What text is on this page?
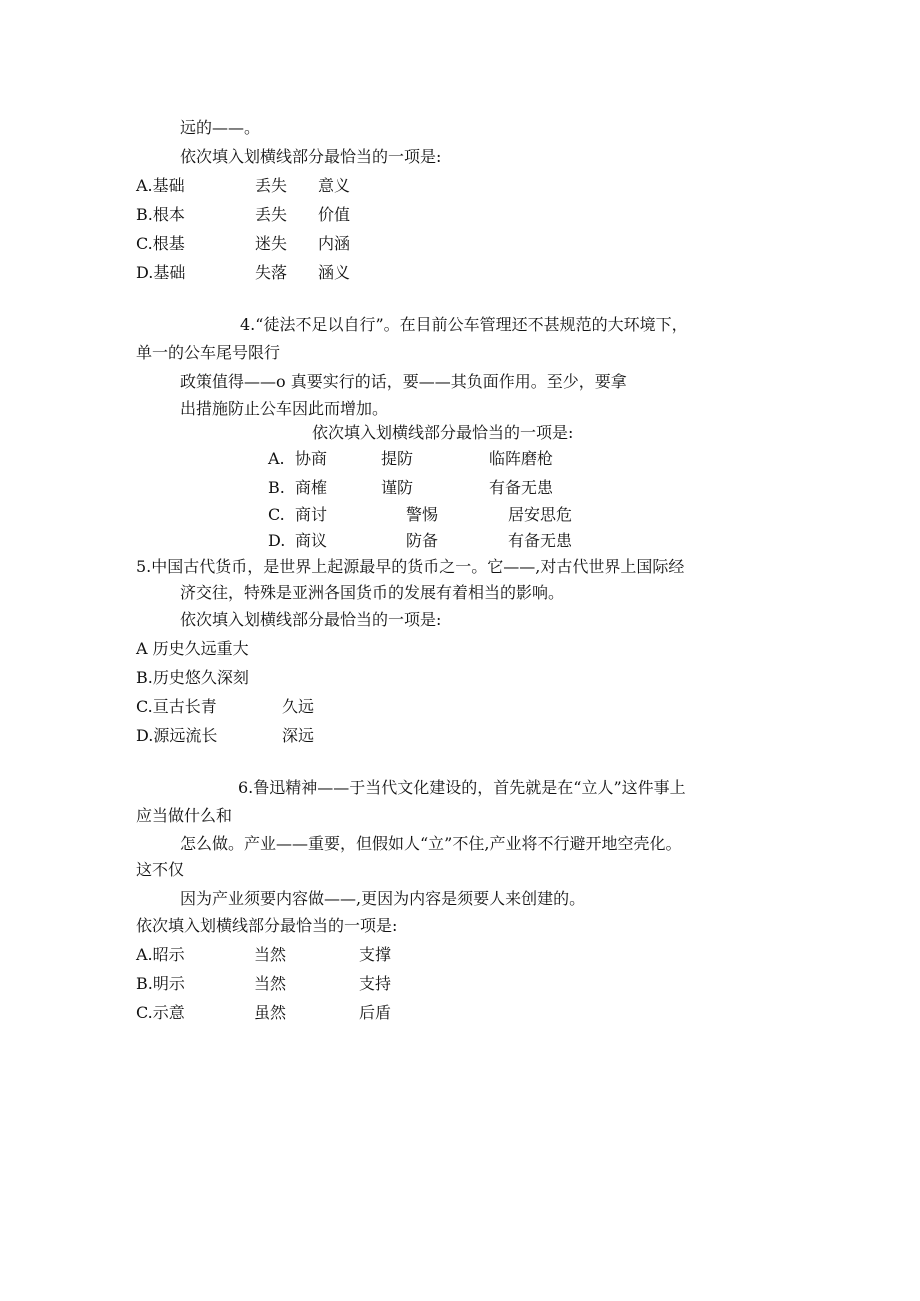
远的——。
依次填入划横线部分最恰当的一项是:
A.基础	丢失 意义
B.根本	丢失 价值
C.根基	迷失 内涵
D.基础	失落 涵义
4.“徒法不足以自行”。在目前公车管理还不甚规范的大环境下，
单一的公车尾号限行
政策值得——o 真要实行的话，要——其负面作用。至少，要拿
出措施防止公车因此而增加。
依次填入划横线部分最恰当的一项是:
A. 协商	提防	临阵磨枪
B. 商榷	谨防	有备无患
C. 商讨	警惕	居安思危
D. 商议	防备	有备无患
5.中国古代货币，是世界上起源最早的货币之一。它——,对古代世界上国际经
济交往，特殊是亚洲各国货币的发展有着相当的影响。
依次填入划横线部分最恰当的一项是:
A 历史久远重大
B.历史悠久深刻
C.亘古长青	久远
D.源远流长	深远
6.鲁迅精神——于当代文化建设的，首先就是在“立人”这件事上
应当做什么和
怎么做。产业——重要，但假如人“立”不住,产业将不行避开地空壳化。
这不仅
因为产业须要内容做——,更因为内容是须要人来创建的。
依次填入划横线部分最恰当的一项是:
A.昭示	当然	支撑
B.明示	当然	支持
C.示意	虽然	后盾
